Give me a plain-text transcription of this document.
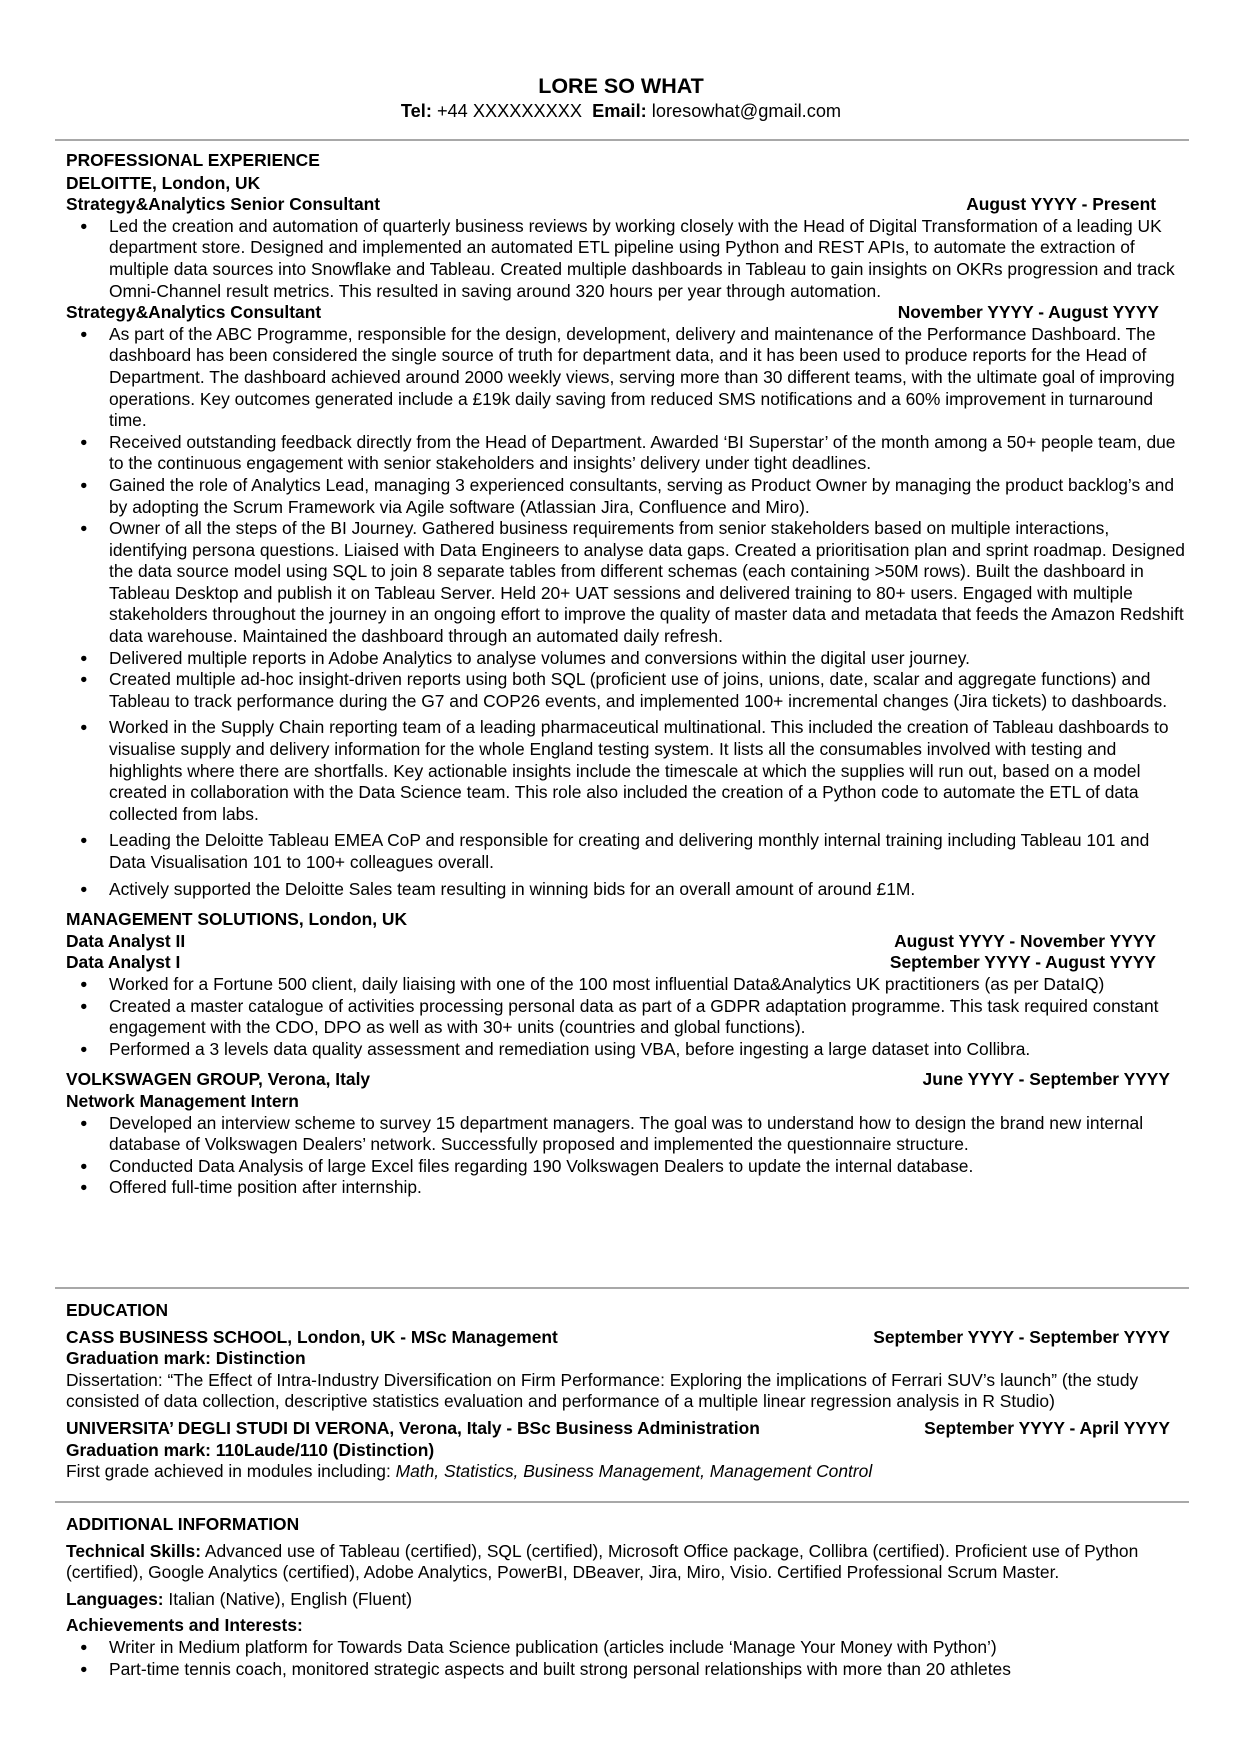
LORE SO WHAT
Tel: +44 XXXXXXXXX Email: loresowhat@gmail.com
PROFESSIONAL EXPERIENCE
DELOITTE, London, UK
Strategy&Analytics Senior Consultant	August YYYY - Present
● Led the creation and automation of quarterly business reviews by working closely with the Head of Digital Transformation of a leading UK department store. Designed and implemented an automated ETL pipeline using Python and REST APIs, to automate the extraction of multiple data sources into Snowflake and Tableau. Created multiple dashboards in Tableau to gain insights on OKRs progression and track Omni-Channel result metrics. This resulted in saving around 320 hours per year through automation.
Strategy&Analytics Consultant	November YYYY - August YYYY
● As part of the ABC Programme, responsible for the design, development, delivery and maintenance of the Performance Dashboard. The dashboard has been considered the single source of truth for department data, and it has been used to produce reports for the Head of Department. The dashboard achieved around 2000 weekly views, serving more than 30 different teams, with the ultimate goal of improving operations. Key outcomes generated include a £19k daily saving from reduced SMS notifications and a 60% improvement in turnaround time.
● Received outstanding feedback directly from the Head of Department. Awarded ‘BI Superstar’ of the month among a 50+ people team, due to the continuous engagement with senior stakeholders and insights’ delivery under tight deadlines.
● Gained the role of Analytics Lead, managing 3 experienced consultants, serving as Product Owner by managing the product backlog’s and by adopting the Scrum Framework via Agile software (Atlassian Jira, Confluence and Miro).
● Owner of all the steps of the BI Journey. Gathered business requirements from senior stakeholders based on multiple interactions, identifying persona questions. Liaised with Data Engineers to analyse data gaps. Created a prioritisation plan and sprint roadmap. Designed the data source model using SQL to join 8 separate tables from different schemas (each containing >50M rows). Built the dashboard in Tableau Desktop and publish it on Tableau Server. Held 20+ UAT sessions and delivered training to 80+ users. Engaged with multiple stakeholders throughout the journey in an ongoing effort to improve the quality of master data and metadata that feeds the Amazon Redshift data warehouse. Maintained the dashboard through an automated daily refresh.
● Delivered multiple reports in Adobe Analytics to analyse volumes and conversions within the digital user journey.
● Created multiple ad-hoc insight-driven reports using both SQL (proficient use of joins, unions, date, scalar and aggregate functions) and Tableau to track performance during the G7 and COP26 events, and implemented 100+ incremental changes (Jira tickets) to dashboards.
● Worked in the Supply Chain reporting team of a leading pharmaceutical multinational. This included the creation of Tableau dashboards to visualise supply and delivery information for the whole England testing system. It lists all the consumables involved with testing and highlights where there are shortfalls. Key actionable insights include the timescale at which the supplies will run out, based on a model created in collaboration with the Data Science team. This role also included the creation of a Python code to automate the ETL of data collected from labs.
● Leading the Deloitte Tableau EMEA CoP and responsible for creating and delivering monthly internal training including Tableau 101 and Data Visualisation 101 to 100+ colleagues overall.
● Actively supported the Deloitte Sales team resulting in winning bids for an overall amount of around £1M.
MANAGEMENT SOLUTIONS, London, UK
Data Analyst II	August YYYY - November YYYY
Data Analyst I	September YYYY - August YYYY
● Worked for a Fortune 500 client, daily liaising with one of the 100 most influential Data&Analytics UK practitioners (as per DataIQ)
● Created a master catalogue of activities processing personal data as part of a GDPR adaptation programme. This task required constant engagement with the CDO, DPO as well as with 30+ units (countries and global functions).
● Performed a 3 levels data quality assessment and remediation using VBA, before ingesting a large dataset into Collibra.
VOLKSWAGEN GROUP, Verona, Italy	June YYYY - September YYYY
Network Management Intern
● Developed an interview scheme to survey 15 department managers. The goal was to understand how to design the brand new internal database of Volkswagen Dealers’ network. Successfully proposed and implemented the questionnaire structure.
● Conducted Data Analysis of large Excel files regarding 190 Volkswagen Dealers to update the internal database.
● Offered full-time position after internship.
EDUCATION
CASS BUSINESS SCHOOL, London, UK - MSc Management	September YYYY - September YYYY
Graduation mark: Distinction
Dissertation: “The Effect of Intra-Industry Diversification on Firm Performance: Exploring the implications of Ferrari SUV’s launch” (the study consisted of data collection, descriptive statistics evaluation and performance of a multiple linear regression analysis in R Studio)
UNIVERSITA’ DEGLI STUDI DI VERONA, Verona, Italy - BSc Business Administration	September YYYY - April YYYY
Graduation mark: 110Laude/110 (Distinction)
First grade achieved in modules including: Math, Statistics, Business Management, Management Control
ADDITIONAL INFORMATION
Technical Skills: Advanced use of Tableau (certified), SQL (certified), Microsoft Office package, Collibra (certified). Proficient use of Python (certified), Google Analytics (certified), Adobe Analytics, PowerBI, DBeaver, Jira, Miro, Visio. Certified Professional Scrum Master.
Languages: Italian (Native), English (Fluent)
Achievements and Interests:
● Writer in Medium platform for Towards Data Science publication (articles include ‘Manage Your Money with Python’)
● Part-time tennis coach, monitored strategic aspects and built strong personal relationships with more than 20 athletes
